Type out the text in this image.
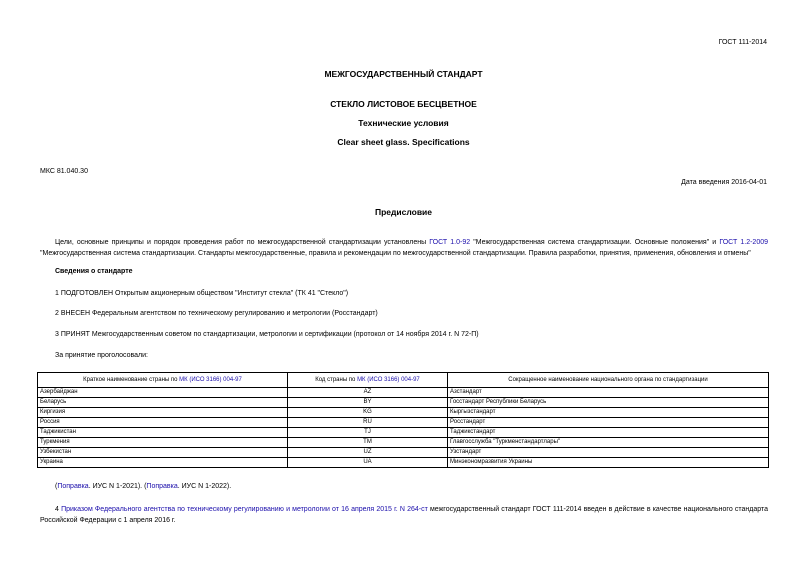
ГОСТ 111-2014
МЕЖГОСУДАРСТВЕННЫЙ СТАНДАРТ
СТЕКЛО ЛИСТОВОЕ БЕСЦВЕТНОЕ
Технические условия
Clear sheet glass. Specifications
МКС 81.040.30
Дата введения 2016-04-01
Предисловие
Цели, основные принципы и порядок проведения работ по межгосударственной стандартизации установлены ГОСТ 1.0-92 "Межгосударственная система стандартизации. Основные положения" и ГОСТ 1.2-2009 "Межгосударственная система стандартизации. Стандарты межгосударственные, правила и рекомендации по межгосударственной стандартизации. Правила разработки, принятия, применения, обновления и отмены"
Сведения о стандарте
1 ПОДГОТОВЛЕН Открытым акционерным обществом "Институт стекла" (ТК 41 "Стекло")
2 ВНЕСЕН Федеральным агентством по техническому регулированию и метрологии (Росстандарт)
3 ПРИНЯТ Межгосударственным советом по стандартизации, метрологии и сертификации (протокол от 14 ноября 2014 г. N 72-П)
За принятие проголосовали:
Краткое наименование страны по МК (ИСО 3166) 004-97	Код страны по МК (ИСО 3166) 004-97	Сокращенное наименование национального органа по стандартизации
Азербайджан	AZ	Азстандарт
Беларусь	BY	Госстандарт Республики Беларусь
Киргизия	KG	Кыргызстандарт
Россия	RU	Росстандарт
Таджикистан	TJ	Таджикстандарт
Туркмения	TM	Главгосслужба "Туркменстандартлары"
Узбекистан	UZ	Узстандарт
Украина	UA	Минэкономразвития Украины
(Поправка. ИУС N 1-2021). (Поправка. ИУС N 1-2022).
4 Приказом Федерального агентства по техническому регулированию и метрологии от 16 апреля 2015 г. N 264-ст межгосударственный стандарт ГОСТ 111-2014 введен в действие в качестве национального стандарта Российской Федерации с 1 апреля 2016 г.
